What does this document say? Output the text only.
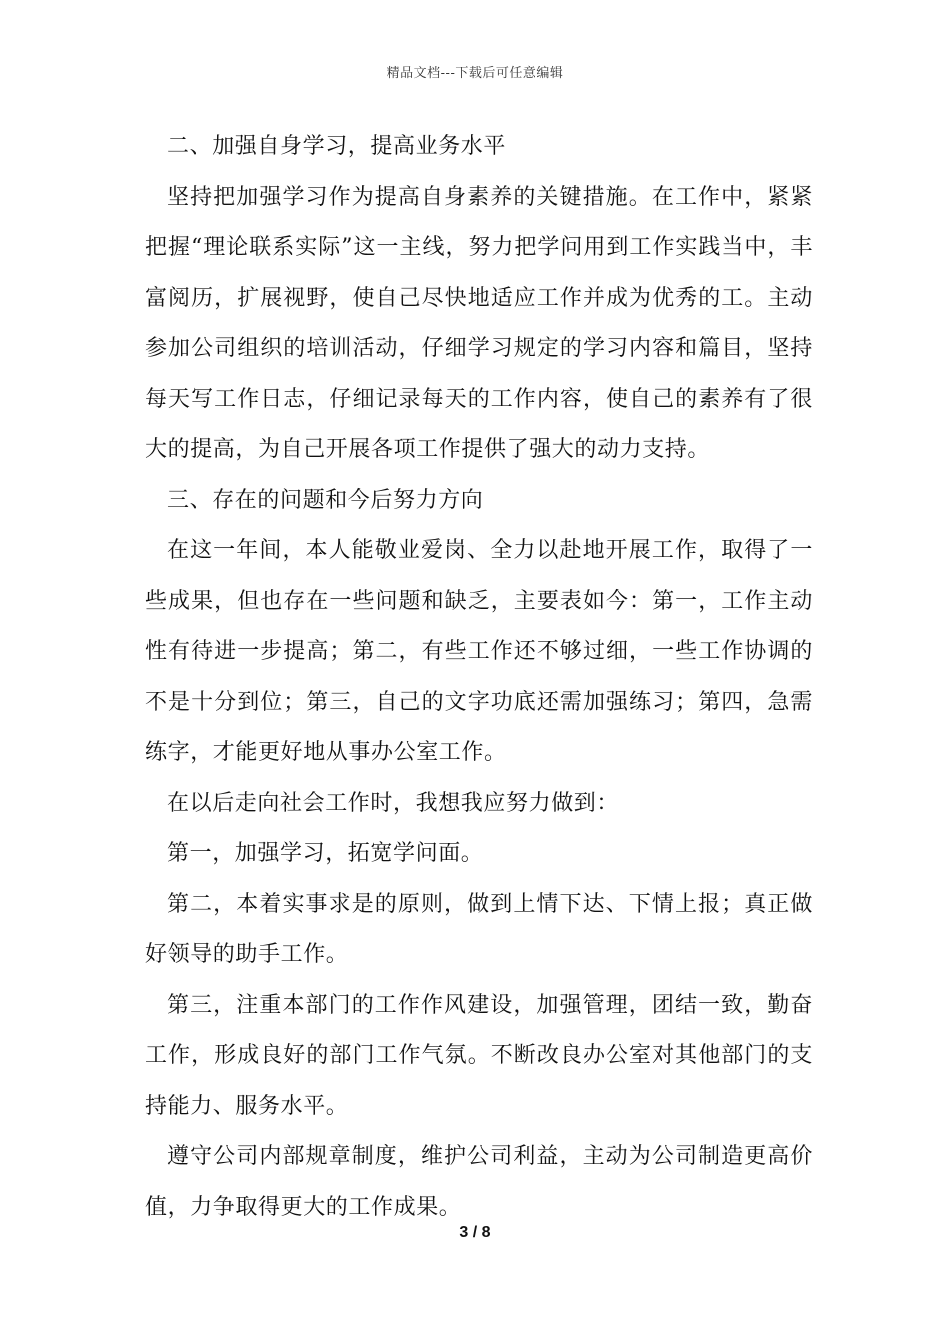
精品文档---下载后可任意编辑

二、加强自身学习，提高业务水平

坚持把加强学习作为提高自身素养的关键措施。在工作中，紧紧把握“理论联系实际”这一主线，努力把学问用到工作实践当中，丰富阅历，扩展视野，使自己尽快地适应工作并成为优秀的工。主动参加公司组织的培训活动，仔细学习规定的学习内容和篇目，坚持每天写工作日志，仔细记录每天的工作内容，使自己的素养有了很大的提高，为自己开展各项工作提供了强大的动力支持。

三、存在的问题和今后努力方向

在这一年间，本人能敬业爱岗、全力以赴地开展工作，取得了一些成果，但也存在一些问题和缺乏，主要表如今：第一，工作主动性有待进一步提高；第二，有些工作还不够过细，一些工作协调的不是十分到位；第三，自己的文字功底还需加强练习；第四，急需练字，才能更好地从事办公室工作。

在以后走向社会工作时，我想我应努力做到：

第一，加强学习，拓宽学问面。

第二，本着实事求是的原则，做到上情下达、下情上报；真正做好领导的助手工作。

第三，注重本部门的工作作风建设，加强管理，团结一致，勤奋工作，形成良好的部门工作气氛。不断改良办公室对其他部门的支持能力、服务水平。

遵守公司内部规章制度，维护公司利益，主动为公司制造更高价值，力争取得更大的工作成果。

3 / 8
